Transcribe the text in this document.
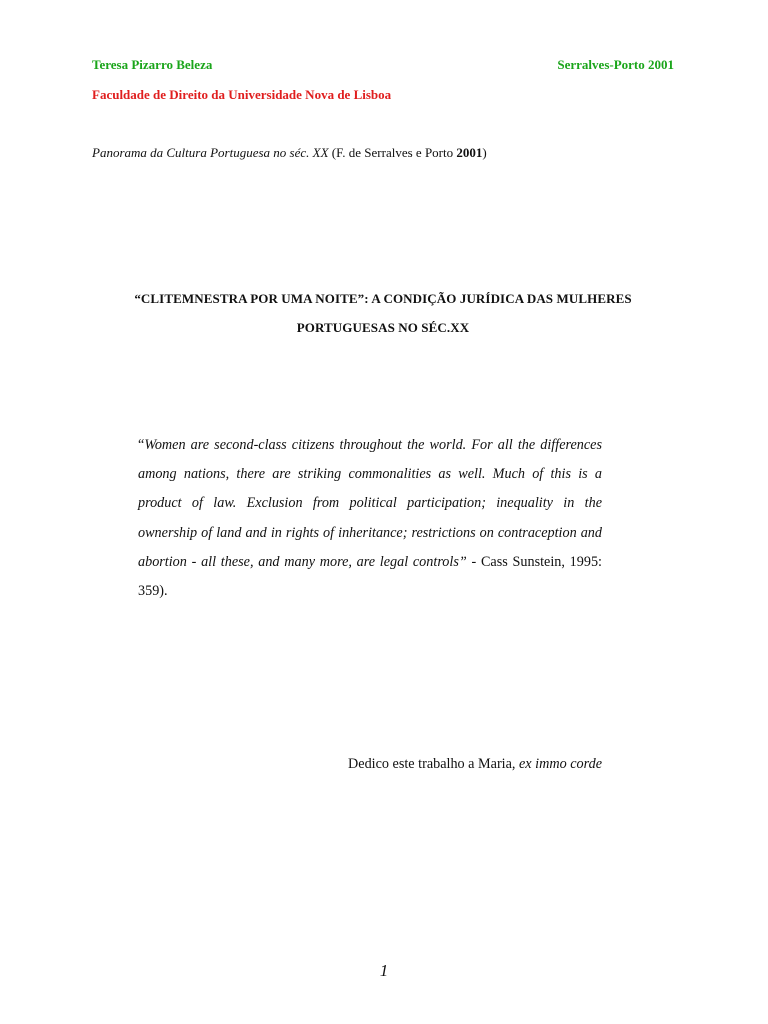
Teresa Pizarro Beleza	Serralves-Porto 2001
Faculdade de Direito da Universidade Nova de Lisboa
Panorama da Cultura Portuguesa no séc. XX (F. de Serralves e Porto 2001)
“CLITEMNESTRA POR UMA NOITE”: A CONDIÇÃO JURÍDICA DAS MULHERES
PORTUGUESAS NO SÉC.XX
“Women are second-class citizens throughout the world. For all the differences among nations, there are striking commonalities as well. Much of this is a product of law. Exclusion from political participation; inequality in the ownership of land and in rights of inheritance; restrictions on contraception and abortion - all these, and many more, are legal controls” - Cass Sunstein, 1995: 359).
Dedico este trabalho a Maria, ex immo corde
1
